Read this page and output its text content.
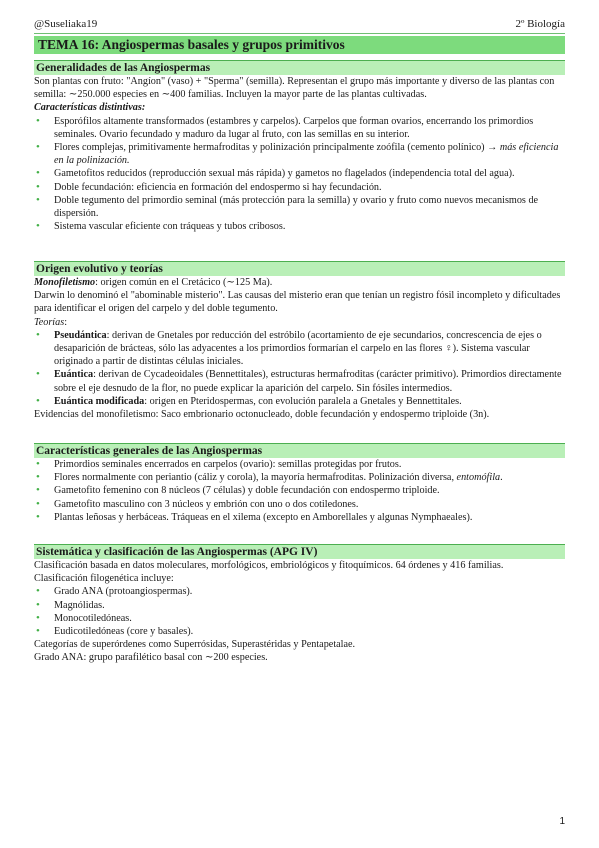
@Suseliaka19	2º Biología
TEMA 16: Angiospermas basales y grupos primitivos
Generalidades de las Angiospermas

Son plantas con fruto: "Angíon" (vaso) + "Sperma" (semilla). Representan el grupo más importante y diverso de las plantas con semilla: ∼250.000 especies en ∼400 familias. Incluyen la mayor parte de las plantas cultivadas.

Características distintivas:

• Esporófilos altamente transformados (estambres y carpelos). Carpelos que forman ovarios, encerrando los primordios seminales. Ovario fecundado y maduro da lugar al fruto, con las semillas en su interior.
• Flores complejas, primitivamente hermafroditas y polinización principalmente zoófila (cemento polínico) → más eficiencia en la polinización.
• Gametofitos reducidos (reproducción sexual más rápida) y gametos no flagelados (independencia total del agua).
• Doble fecundación: eficiencia en formación del endospermo si hay fecundación.
• Doble tegumento del primordio seminal (más protección para la semilla) y ovario y fruto como nuevos mecanismos de dispersión.
• Sistema vascular eficiente con tráqueas y tubos cribosos.
Origen evolutivo y teorías

Monofiletismo: origen común en el Cretácico (∼125 Ma).

Darwin lo denominó el "abominable misterio". Las causas del misterio eran que tenían un registro fósil incompleto y dificultades para identificar el origen del carpelo y del doble tegumento.

Teorías:

• Pseudántica: derivan de Gnetales por reducción del estróbilo (acortamiento de eje secundarios, concrescencia de ejes o desaparición de brácteas, sólo las adyacentes a los primordios formarían el carpelo en las flores ♀). Sistema vascular originado a partir de distintas células iniciales.
• Euántica: derivan de Cycadeoidales (Bennettitales), estructuras hermafroditas (carácter primitivo). Primordios directamente sobre el eje desnudo de la flor, no puede explicar la aparición del carpelo. Sin fósiles intermedios.
• Euántica modificada: origen en Pteridospermas, con evolución paralela a Gnetales y Bennettitales.

Evidencias del monofiletismo: Saco embrionario octonucleado, doble fecundación y endospermo triploide (3n).

Características generales de las Angiospermas
• Primordios seminales encerrados en carpelos (ovario): semillas protegidas por frutos.
• Flores normalmente con periantio (cáliz y corola), la mayoría hermafroditas. Polinización diversa, entomófila.
• Gametofito femenino con 8 núcleos (7 células) y doble fecundación con endospermo triploide.
• Gametofito masculino con 3 núcleos y embrión con uno o dos cotiledones.
• Plantas leñosas y herbáceas. Tráqueas en el xilema (excepto en Amborellales y algunas Nymphaeales).
Sistemática y clasificación de las Angiospermas (APG IV)

Clasificación basada en datos moleculares, morfológicos, embriológicos y fitoquímicos. 64 órdenes y 416 familias.

Clasificación filogenética incluye:

• Grado ANA (protoangiospermas).
• Magnólidas.
• Monocotiledóneas.
• Eudicotiledóneas (core y basales).

Categorías de superórdenes como Superrósidas, Superastéridas y Pentapetalae.

Grado ANA: grupo parafilético basal con ∼200 especies.

1
